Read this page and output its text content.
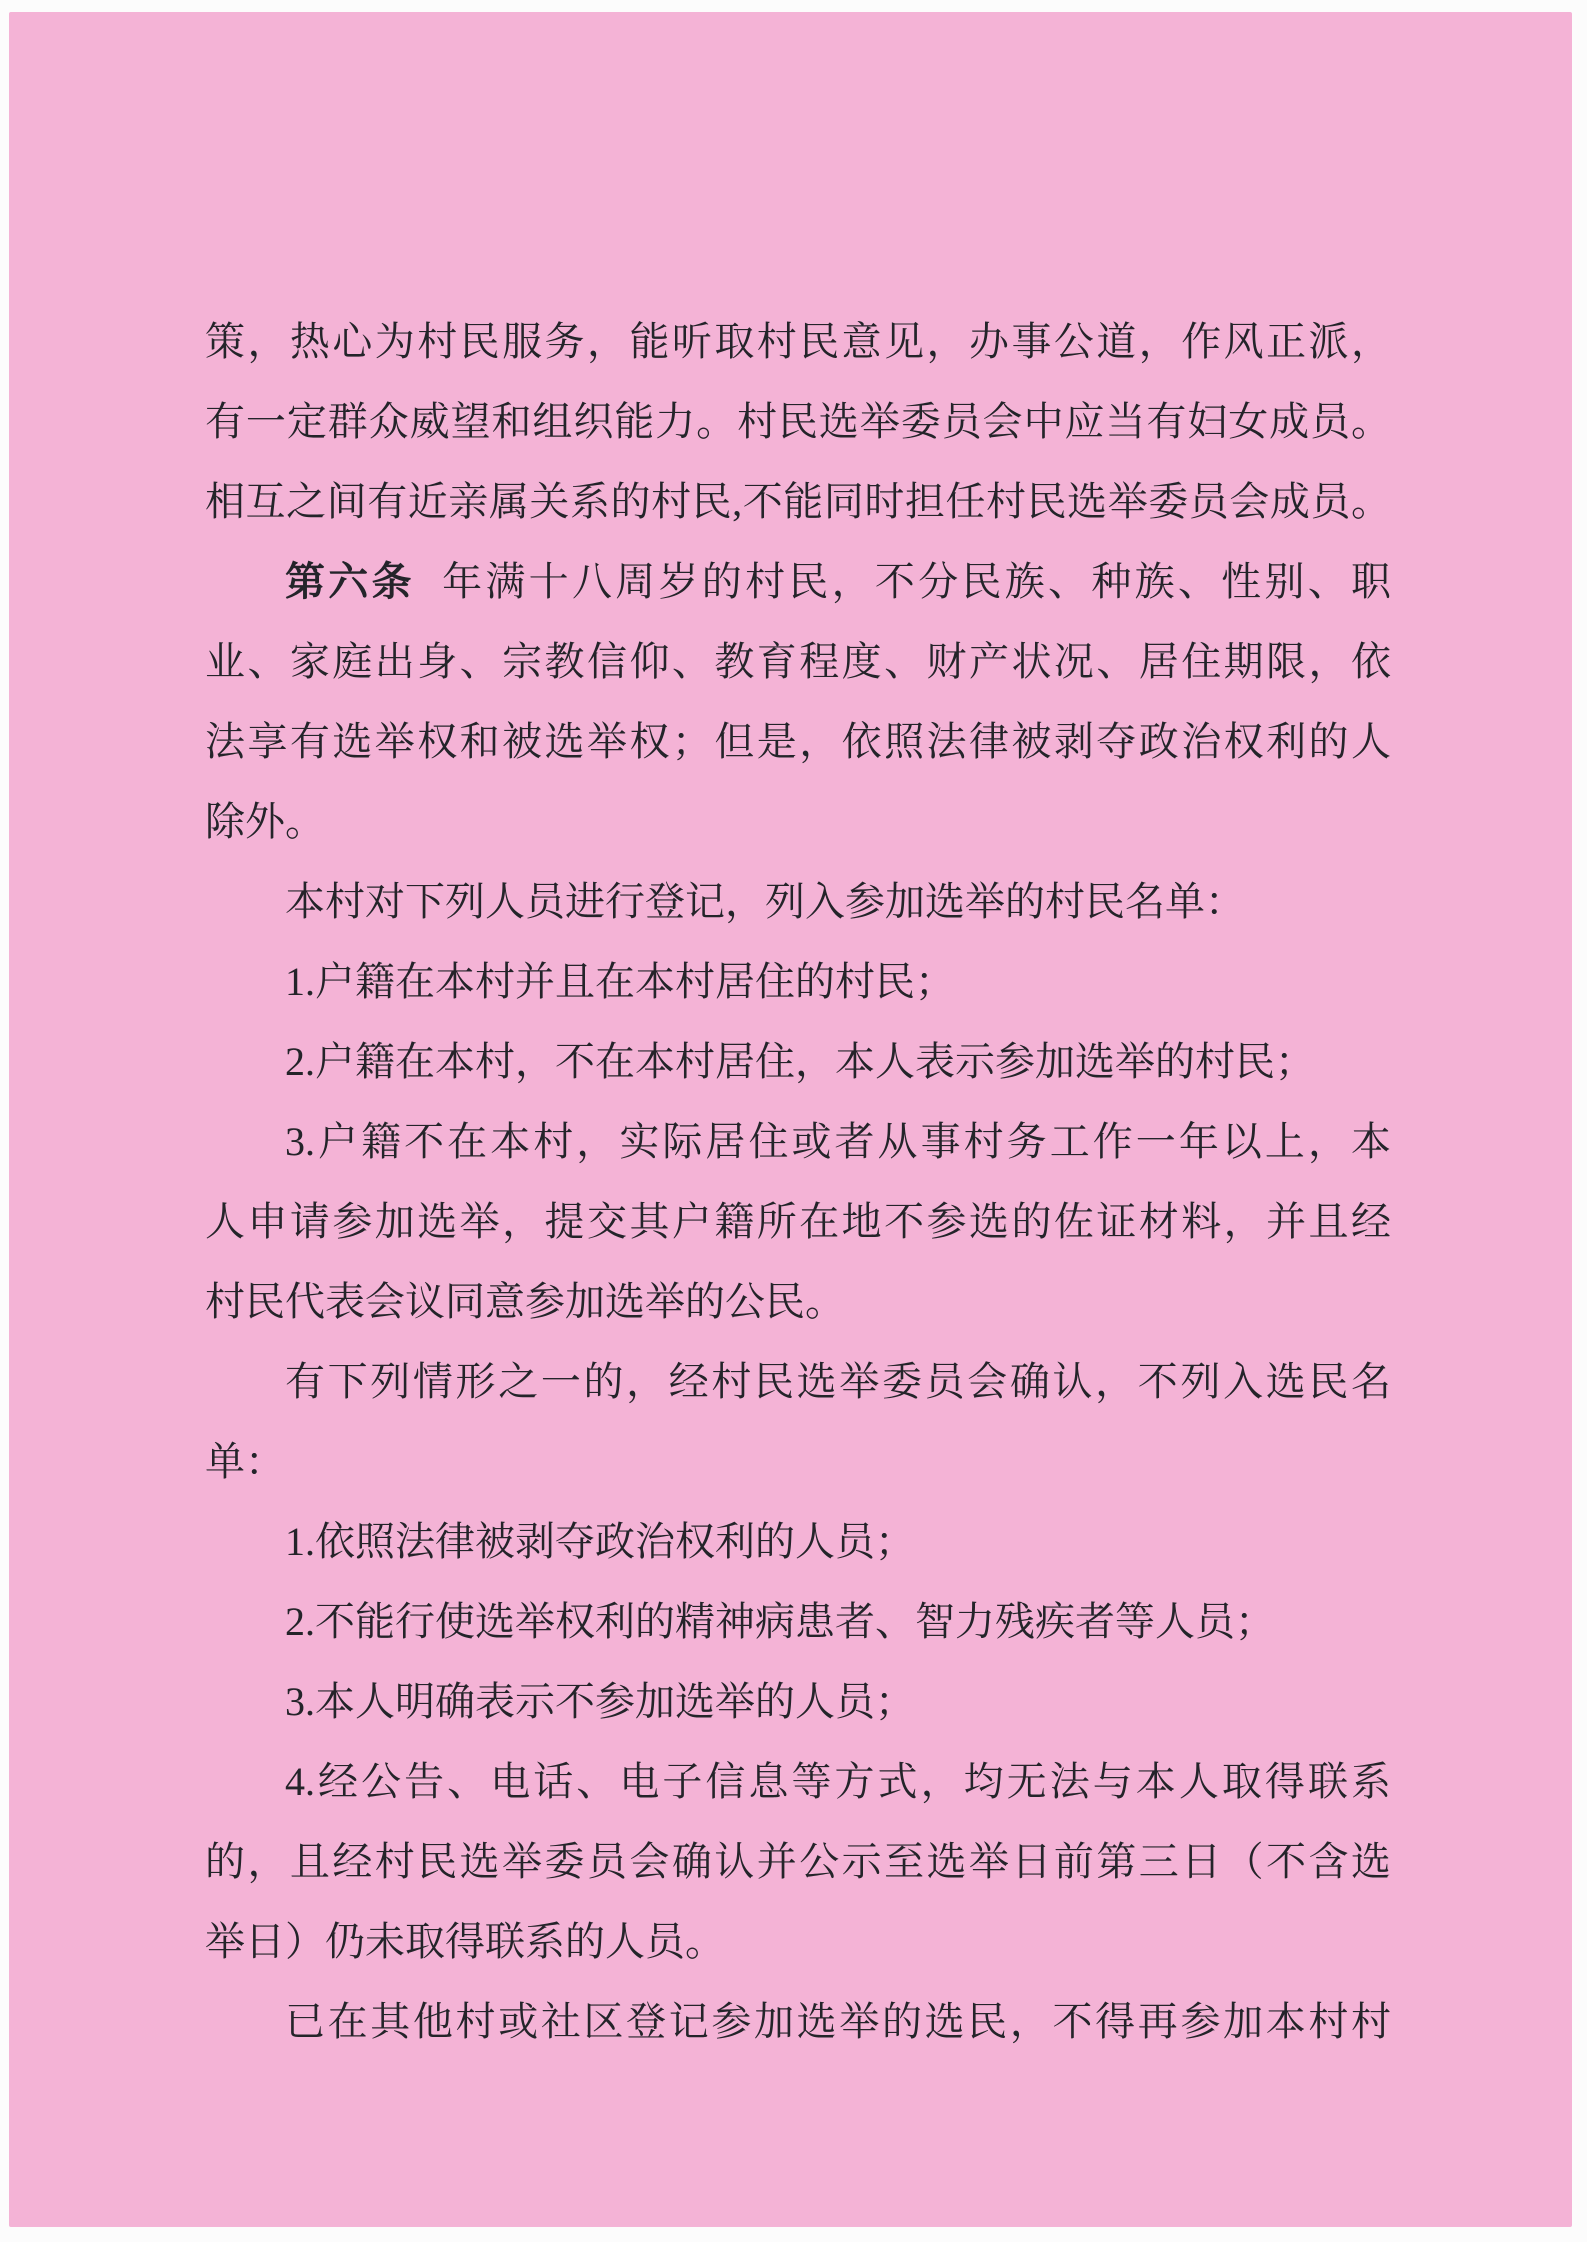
策，热心为村民服务，能听取村民意见，办事公道，作风正派，
有一定群众威望和组织能力。村民选举委员会中应当有妇女成员。
相互之间有近亲属关系的村民,不能同时担任村民选举委员会成员。
第六条 年满十八周岁的村民，不分民族、种族、性别、职
业、家庭出身、宗教信仰、教育程度、财产状况、居住期限，依
法享有选举权和被选举权；但是，依照法律被剥夺政治权利的人
除外。
本村对下列人员进行登记，列入参加选举的村民名单：
1.户籍在本村并且在本村居住的村民；
2.户籍在本村，不在本村居住，本人表示参加选举的村民；
3.户籍不在本村，实际居住或者从事村务工作一年以上，本
人申请参加选举，提交其户籍所在地不参选的佐证材料，并且经
村民代表会议同意参加选举的公民。
有下列情形之一的，经村民选举委员会确认，不列入选民名
单：
1.依照法律被剥夺政治权利的人员；
2.不能行使选举权利的精神病患者、智力残疾者等人员；
3.本人明确表示不参加选举的人员；
4.经公告、电话、电子信息等方式，均无法与本人取得联系
的，且经村民选举委员会确认并公示至选举日前第三日（不含选
举日）仍未取得联系的人员。
已在其他村或社区登记参加选举的选民，不得再参加本村村
